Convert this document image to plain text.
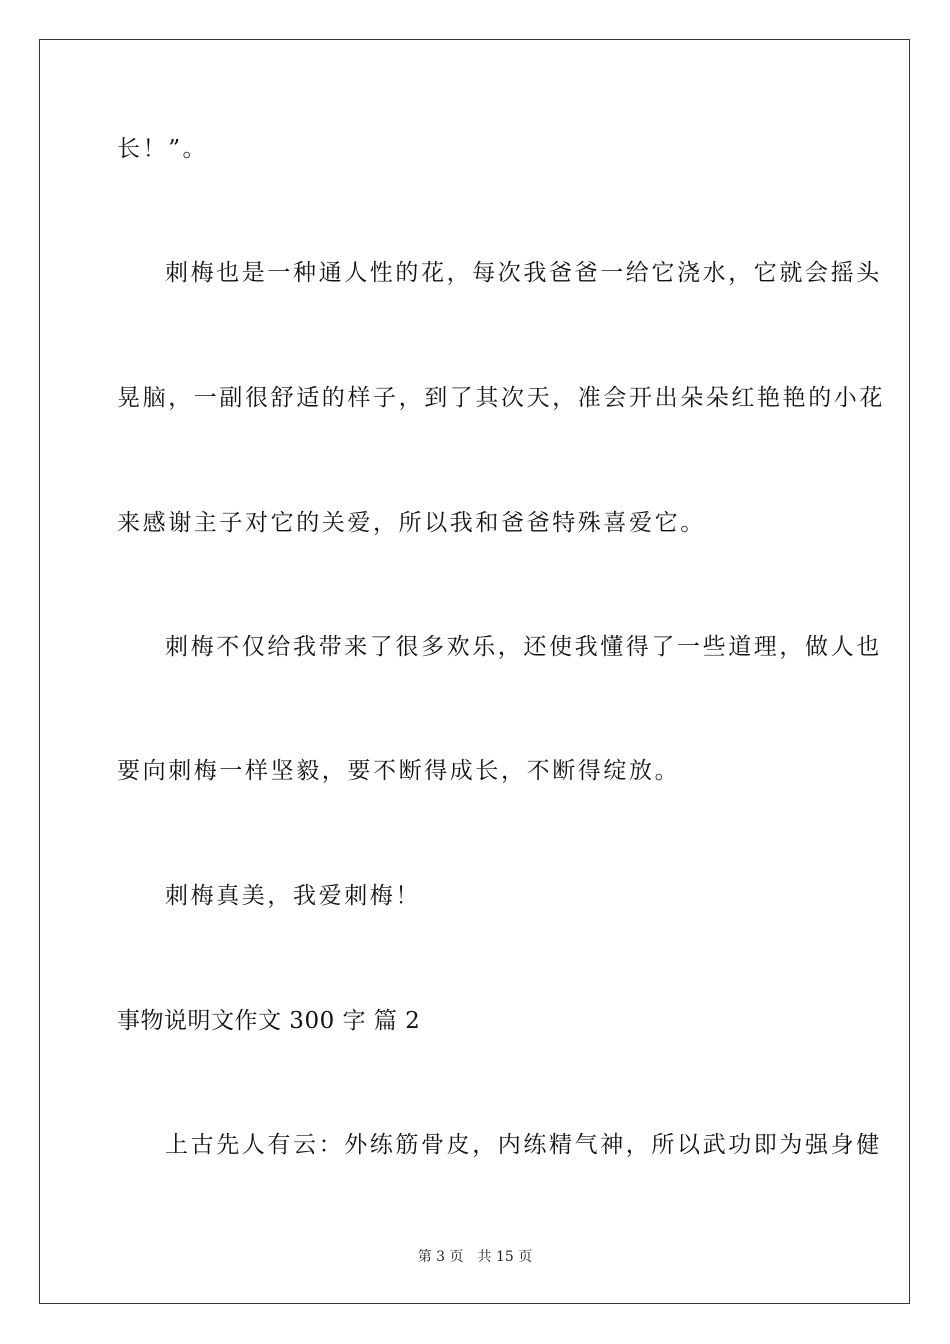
长！”。
刺梅也是一种通人性的花，每次我爸爸一给它浇水，它就会摇头
晃脑，一副很舒适的样子，到了其次天，准会开出朵朵红艳艳的小花
来感谢主子对它的关爱，所以我和爸爸特殊喜爱它。
刺梅不仅给我带来了很多欢乐，还使我懂得了一些道理，做人也
要向刺梅一样坚毅，要不断得成长，不断得绽放。
刺梅真美，我爱刺梅！
事物说明文作文 300 字 篇 2
上古先人有云：外练筋骨皮，内练精气神，所以武功即为强身健
第 3 页 共 15 页
